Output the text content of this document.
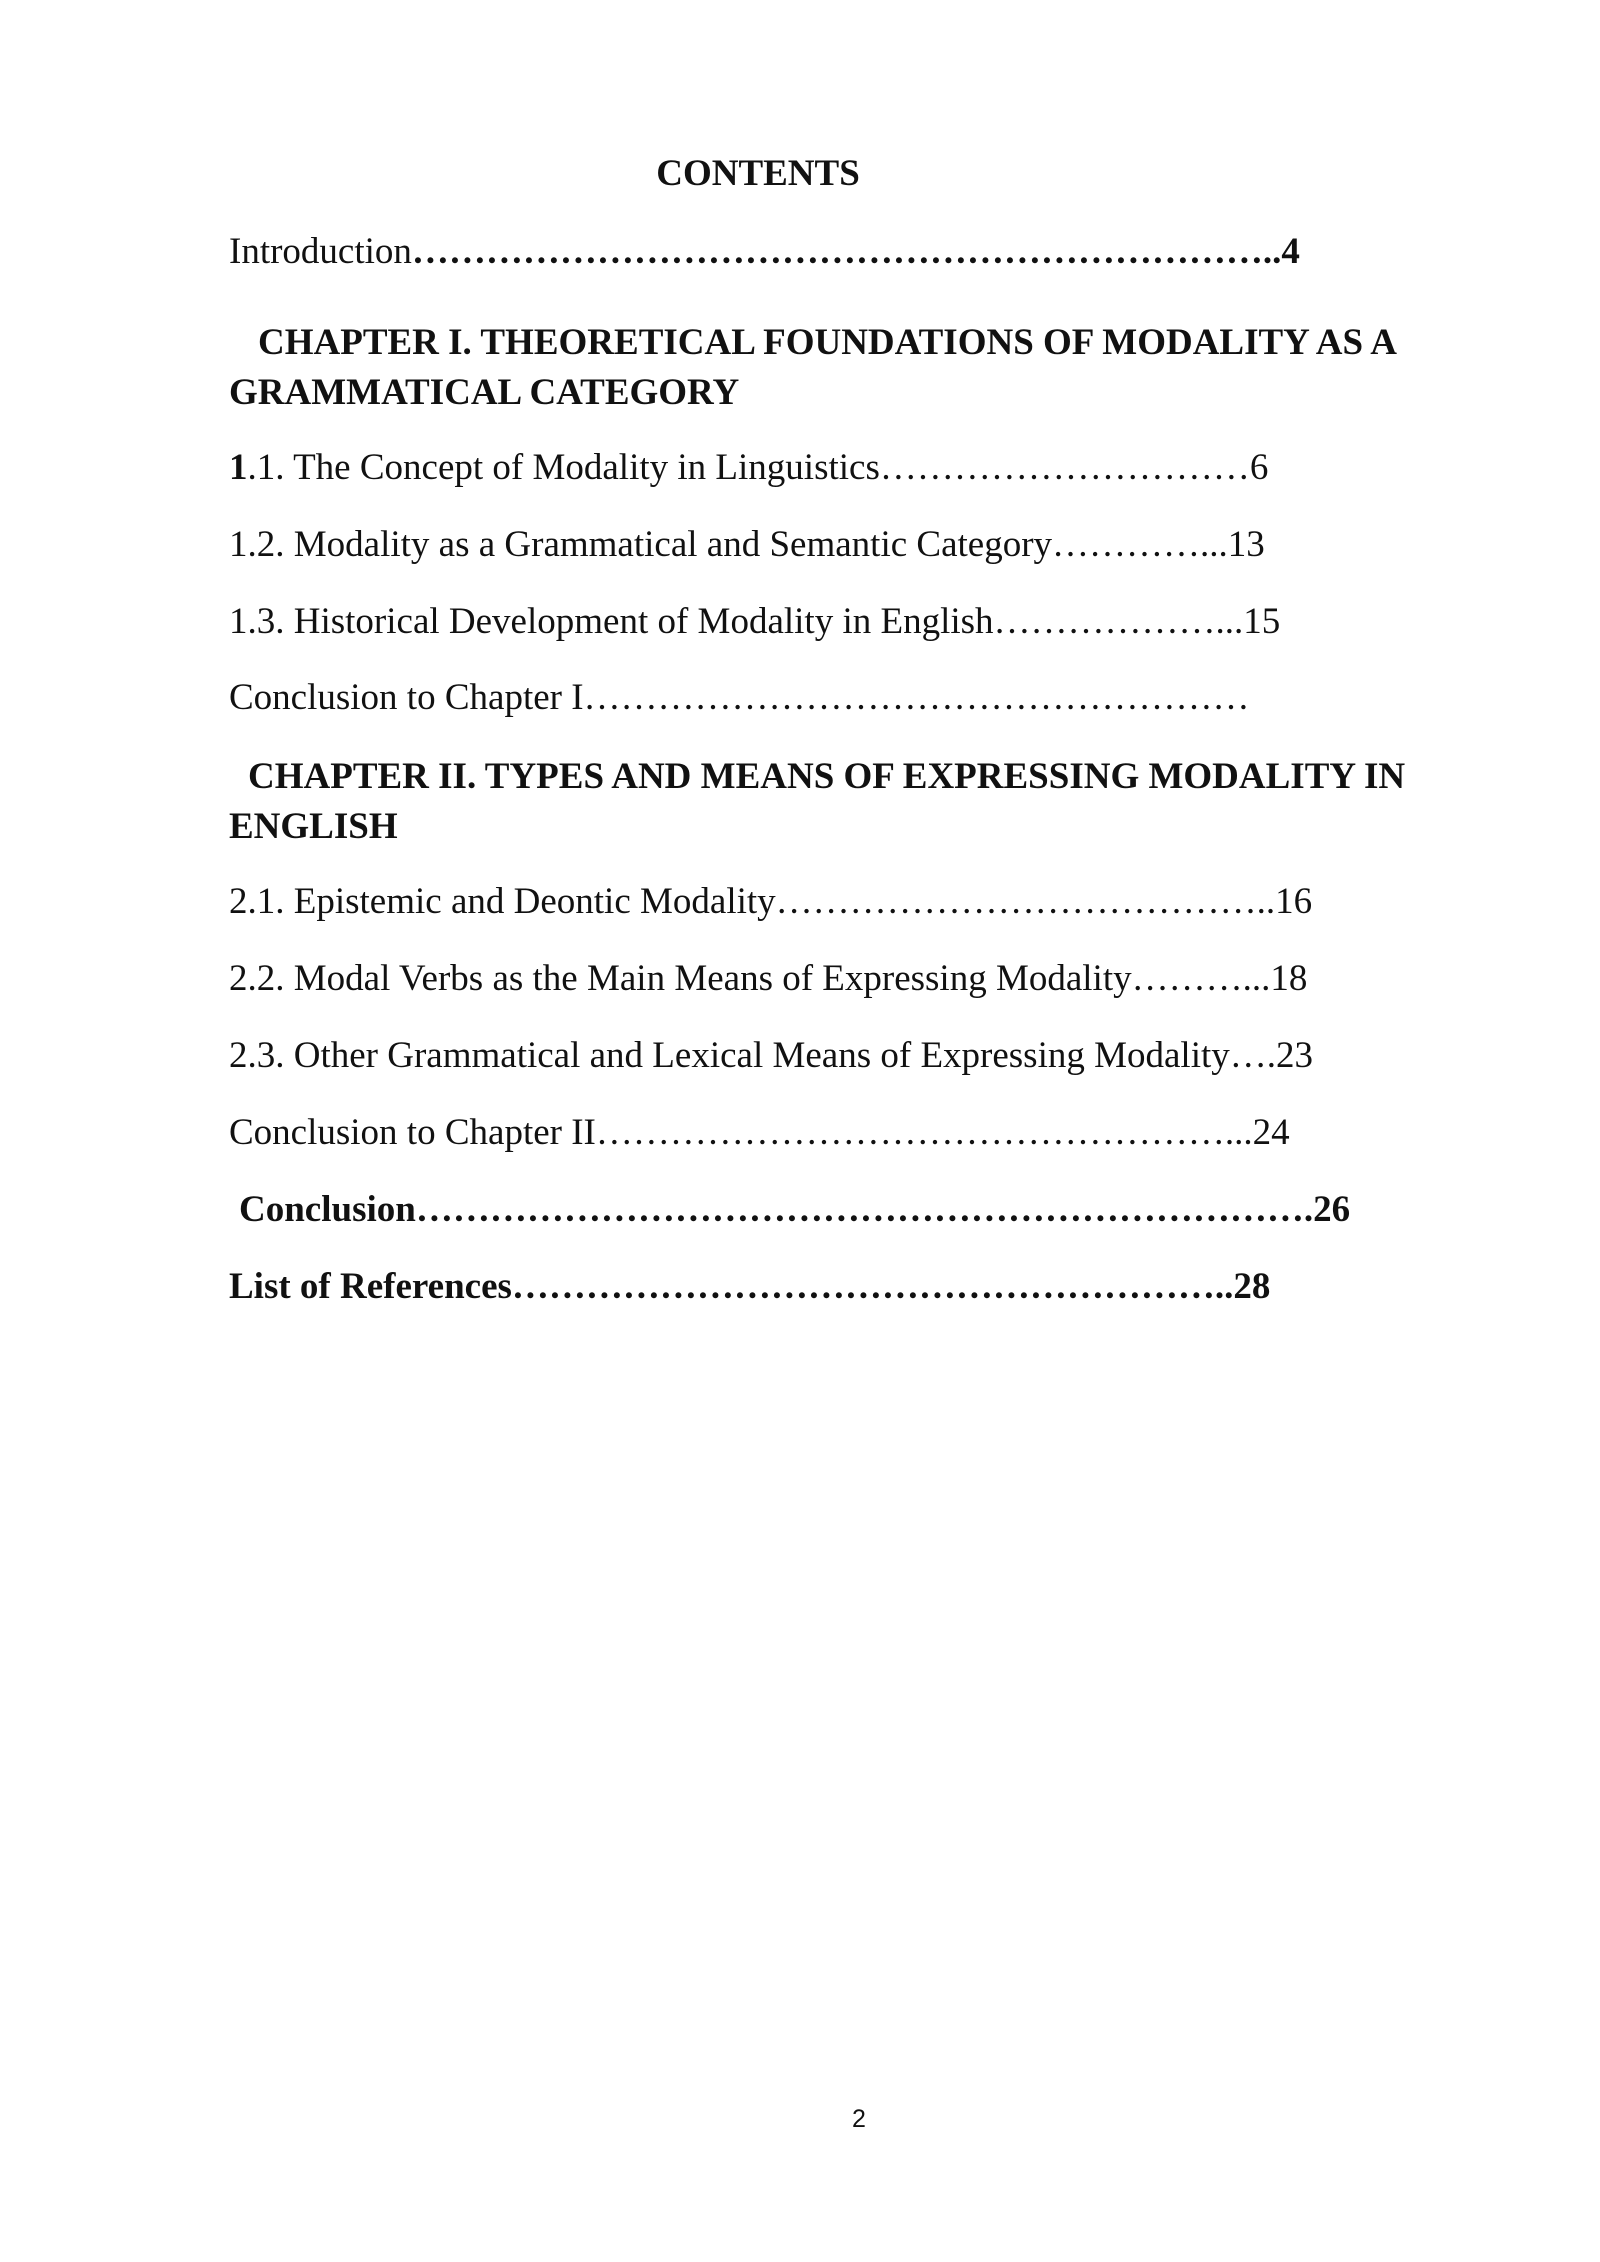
CONTENTS
Introduction……………………………………………………………..4
CHAPTER I. THEORETICAL FOUNDATIONS OF MODALITY AS A GRAMMATICAL CATEGORY
1.1. The Concept of Modality in Linguistics…………………………6
1.2. Modality as a Grammatical and Semantic Category…………...13
1.3. Historical Development of Modality in English………………...15
Conclusion to Chapter I………………………………………………
CHAPTER II. TYPES AND MEANS OF EXPRESSING MODALITY IN ENGLISH
2.1. Epistemic and Deontic Modality…………………………………..16
2.2. Modal Verbs as the Main Means of Expressing Modality………...18
2.3. Other Grammatical and Lexical Means of Expressing Modality….23
Conclusion to Chapter II……………………………………………...24
Conclusion……………………………………………………………….26
List of References…………………………………………………..28
2
